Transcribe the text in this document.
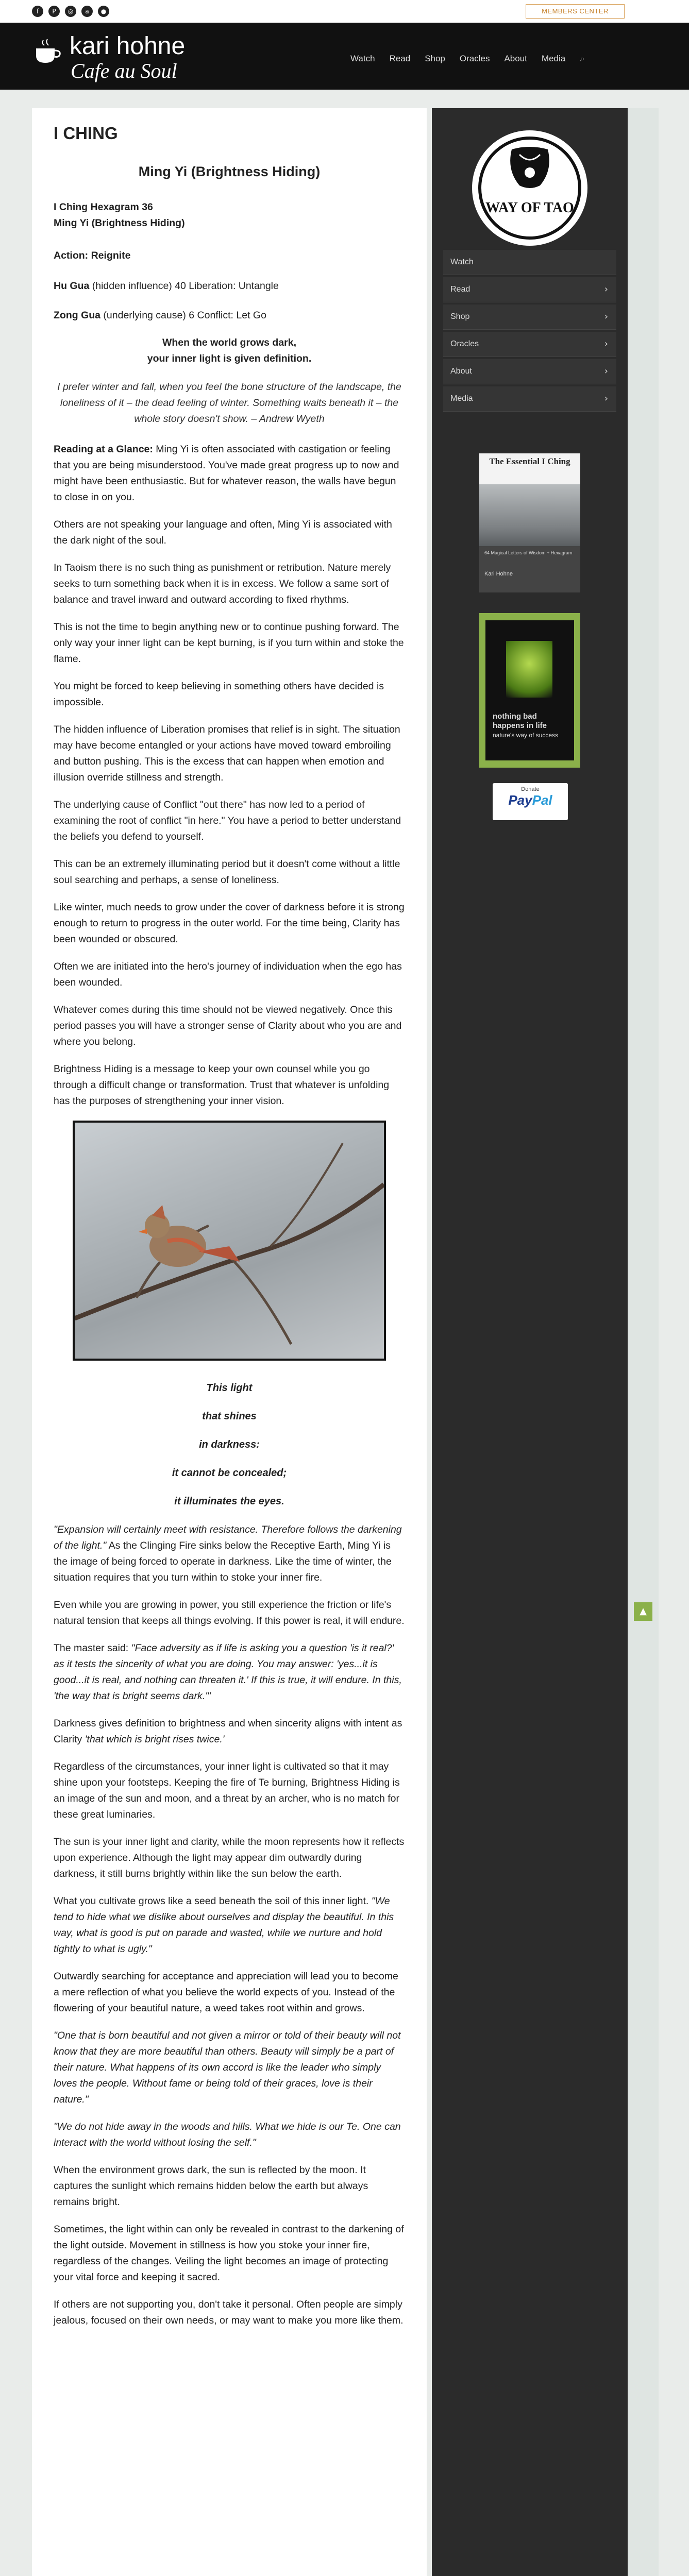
f	P	◎	a	●	MEMBERS CENTER
kari hohne
Cafe au Soul
Watch Read Shop Oracles About Media ⌕
I CHING
Ming Yi (Brightness Hiding)

I Ching Hexagram 36

Ming Yi (Brightness Hiding)

Action: Reignite

Hu Gua (hidden influence) 40 Liberation: Untangle

Zong Gua (underlying cause) 6 Conflict: Let Go

When the world grows dark,

your inner light is given definition.

I prefer winter and fall, when you feel the bone structure of the landscape, the loneliness of it – the dead feeling of winter. Something waits beneath it – the whole story doesn't show. – Andrew Wyeth

Reading at a Glance: Ming Yi is often associated with castigation or feeling that you are being misunderstood. You've made great progress up to now and might have been enthusiastic. But for whatever reason, the walls have begun to close in on you.

Others are not speaking your language and often, Ming Yi is associated with the dark night of the soul.

In Taoism there is no such thing as punishment or retribution. Nature merely seeks to turn something back when it is in excess. We follow a same sort of balance and travel inward and outward according to fixed rhythms.

This is not the time to begin anything new or to continue pushing forward. The only way your inner light can be kept burning, is if you turn within and stoke the flame.

You might be forced to keep believing in something others have decided is impossible.

The hidden influence of Liberation promises that relief is in sight. The situation may have become entangled or your actions have moved toward embroiling and button pushing. This is the excess that can happen when emotion and illusion override stillness and strength.

The underlying cause of Conflict "out there" has now led to a period of examining the root of conflict "in here." You have a period to better understand the beliefs you defend to yourself.

This can be an extremely illuminating period but it doesn't come without a little soul searching and perhaps, a sense of loneliness.

Like winter, much needs to grow under the cover of darkness before it is strong enough to return to progress in the outer world. For the time being, Clarity has been wounded or obscured.

Often we are initiated into the hero's journey of individuation when the ego has been wounded.

Whatever comes during this time should not be viewed negatively. Once this period passes you will have a stronger sense of Clarity about who you are and where you belong.

Brightness Hiding is a message to keep your own counsel while you go through a difficult change or transformation. Trust that whatever is unfolding has the purposes of strengthening your inner vision.

This light

that shines

in darkness:

it cannot be concealed;

it illuminates the eyes.

"Expansion will certainly meet with resistance. Therefore follows the darkening of the light." As the Clinging Fire sinks below the Receptive Earth, Ming Yi is the image of being forced to operate in darkness. Like the time of winter, the situation requires that you turn within to stoke your inner fire.

Even while you are growing in power, you still experience the friction or life's natural tension that keeps all things evolving. If this power is real, it will endure.

The master said: "Face adversity as if life is asking you a question 'is it real?' as it tests the sincerity of what you are doing. You may answer: 'yes...it is good...it is real, and nothing can threaten it.' If this is true, it will endure. In this, 'the way that is bright seems dark.'"

Darkness gives definition to brightness and when sincerity aligns with intent as Clarity 'that which is bright rises twice.'

Regardless of the circumstances, your inner light is cultivated so that it may shine upon your footsteps. Keeping the fire of Te burning, Brightness Hiding is an image of the sun and moon, and a threat by an archer, who is no match for these great luminaries.

The sun is your inner light and clarity, while the moon represents how it reflects upon experience. Although the light may appear dim outwardly during darkness, it still burns brightly within like the sun below the earth.

What you cultivate grows like a seed beneath the soil of this inner light. "We tend to hide what we dislike about ourselves and display the beautiful. In this way, what is good is put on parade and wasted, while we nurture and hold tightly to what is ugly."

Outwardly searching for acceptance and appreciation will lead you to become a mere reflection of what you believe the world expects of you. Instead of the flowering of your beautiful nature, a weed takes root within and grows.

"One that is born beautiful and not given a mirror or told of their beauty will not know that they are more beautiful than others. Beauty will simply be a part of their nature. What happens of its own accord is like the leader who simply loves the people. Without fame or being told of their graces, love is their nature."

"We do not hide away in the woods and hills. What we hide is our Te. One can interact with the world without losing the self."

When the environment grows dark, the sun is reflected by the moon. It captures the sunlight which remains hidden below the earth but always remains bright.

Sometimes, the light within can only be revealed in contrast to the darkening of the light outside. Movement in stillness is how you stoke your inner fire, regardless of the changes. Veiling the light becomes an image of protecting your vital force and keeping it sacred.

If others are not supporting you, don't take it personal. Often people are simply jealous, focused on their own needs, or may want to make you more like them.

WAY OF TAO
Watch
Read	›
Shop	›
Oracles	›
About	›
Media	›
The Essential I Ching
64 Magical Letters of Wisdom + Hexagram
Kari Hohne
nothing bad
happens in life
nature's way of success
Donate
PayPal
▲
